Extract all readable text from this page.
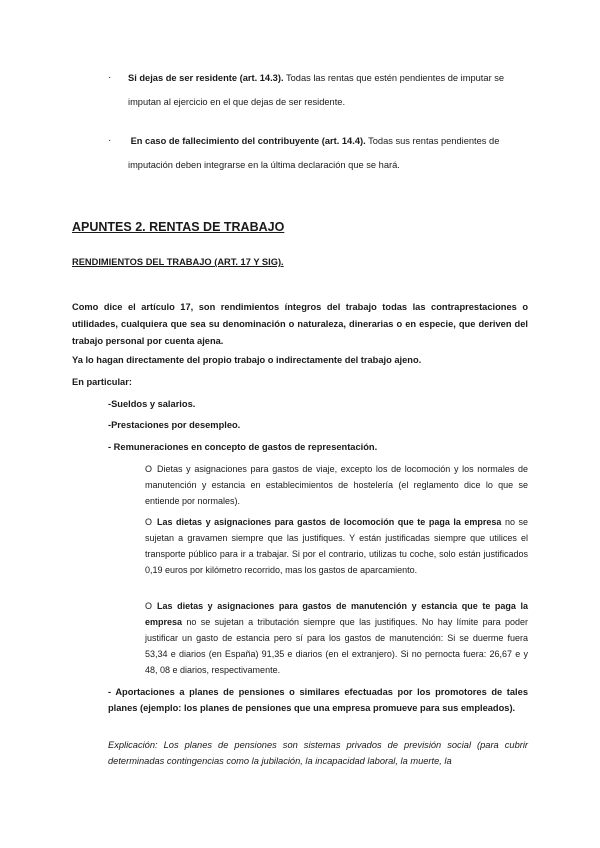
· Si dejas de ser residente (art. 14.3). Todas las rentas que estén pendientes de imputar se
imputan al ejercicio en el que dejas de ser residente.
· En caso de fallecimiento del contribuyente (art. 14.4). Todas sus rentas pendientes de
imputación deben integrarse en la última declaración que se hará.
APUNTES 2. RENTAS DE TRABAJO
RENDIMIENTOS DEL TRABAJO (ART. 17 Y SIG).
Como dice el artículo 17, son rendimientos íntegros del trabajo todas las contraprestaciones o utilidades, cualquiera que sea su denominación o naturaleza, dinerarias o en especie, que deriven del trabajo personal por cuenta ajena.
Ya lo hagan directamente del propio trabajo o indirectamente del trabajo ajeno.
En particular:
-Sueldos y salarios.
-Prestaciones por desempleo.
- Remuneraciones en concepto de gastos de representación.
O Dietas y asignaciones para gastos de viaje, excepto los de locomoción y los normales de manutención y estancia en establecimientos de hostelería (el reglamento dice lo que se entiende por normales).
O Las dietas y asignaciones para gastos de locomoción que te paga la empresa no se sujetan a gravamen siempre que las justifiques. Y están justificadas siempre que utilices el transporte público para ir a trabajar. Si por el contrario, utilizas tu coche, solo están justificados 0,19 euros por kilómetro recorrido, mas los gastos de aparcamiento.
O Las dietas y asignaciones para gastos de manutención y estancia que te paga la empresa no se sujetan a tributación siempre que las justifiques. No hay límite para poder justificar un gasto de estancia pero sí para los gastos de manutención: Si se duerme fuera 53,34 e diarios (en España) 91,35 e diarios (en el extranjero). Si no pernocta fuera: 26,67 e y 48, 08 e diarios, respectivamente.
- Aportaciones a planes de pensiones o similares efectuadas por los promotores de tales planes (ejemplo: los planes de pensiones que una empresa promueve para sus empleados).
Explicación: Los planes de pensiones son sistemas privados de previsión social (para cubrir determinadas contingencias como la jubilación, la incapacidad laboral, la muerte, la
